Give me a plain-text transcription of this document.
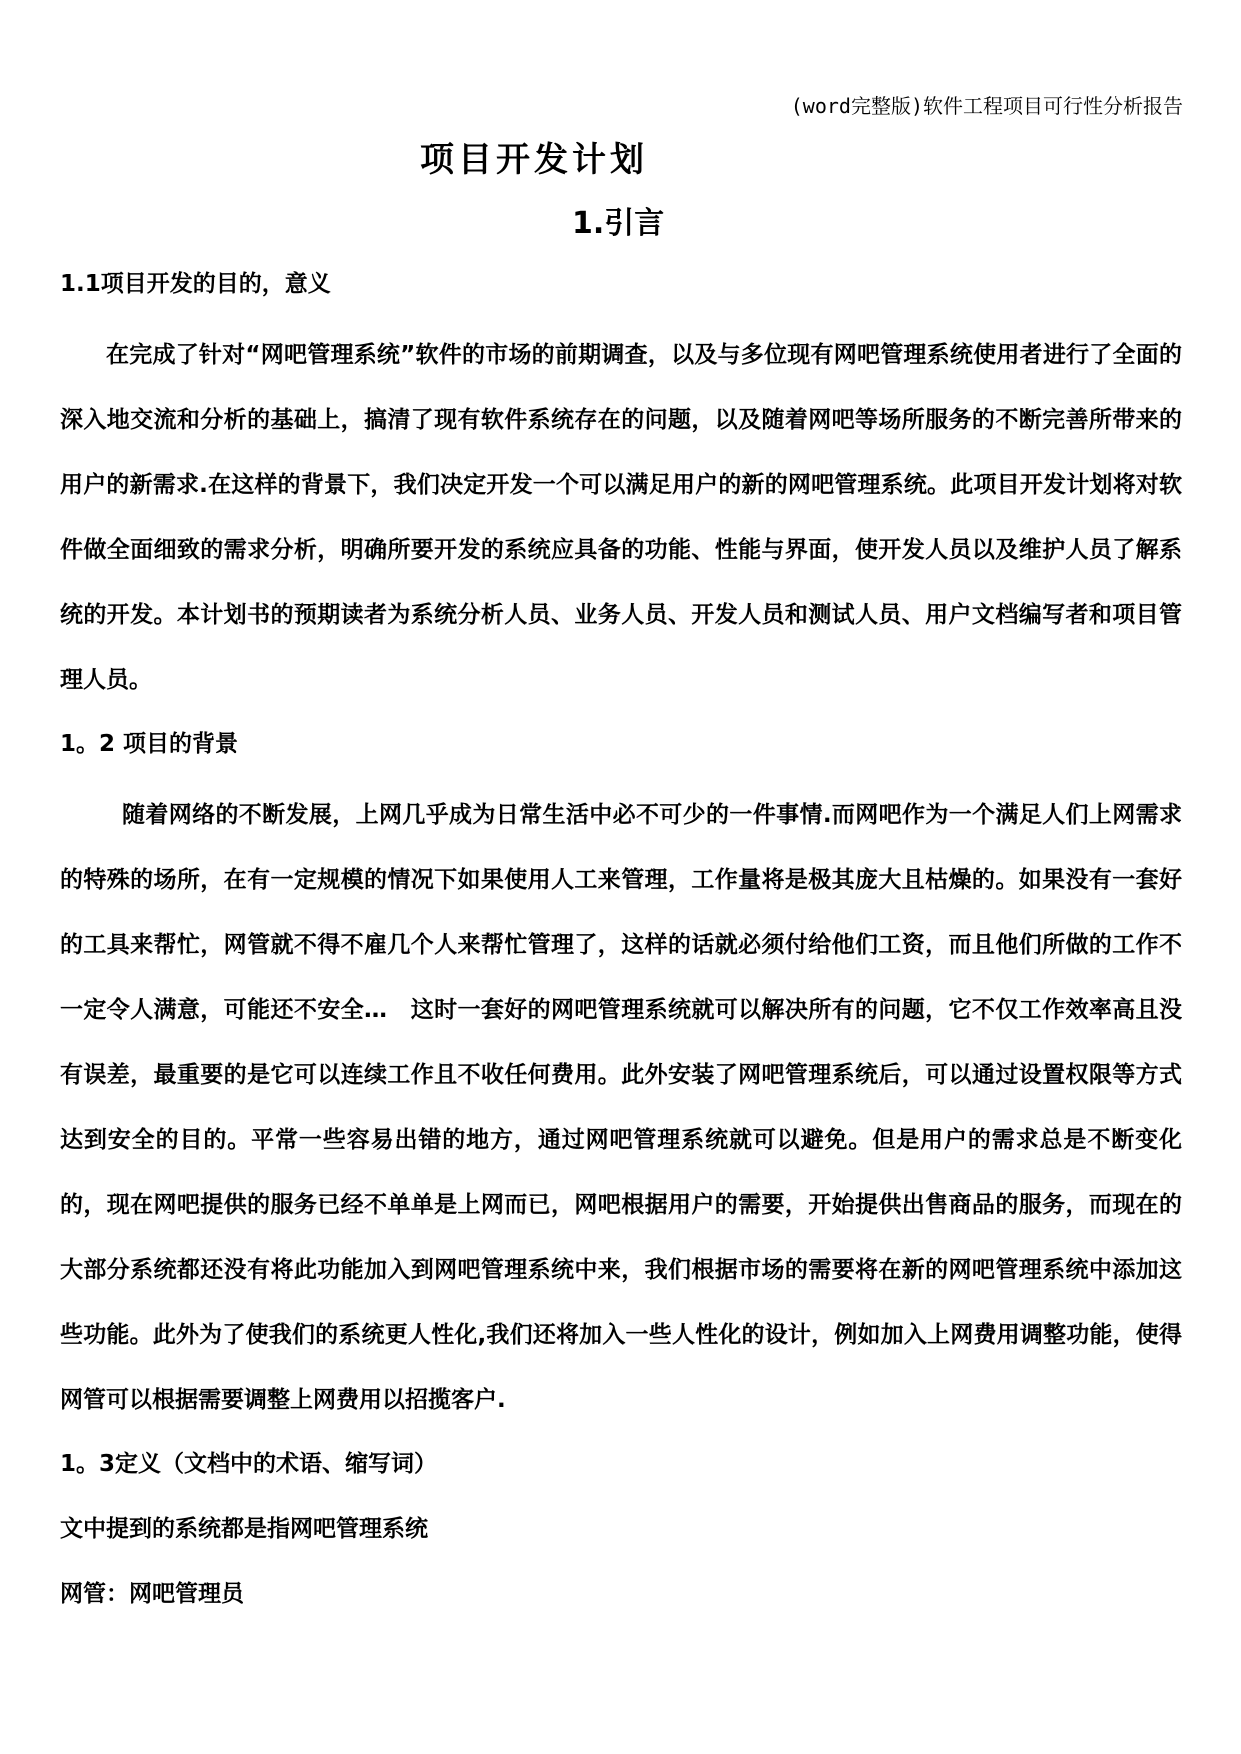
(word完整版)软件工程项目可行性分析报告
项目开发计划
1.引言
1.1项目开发的目的，意义

在完成了针对“网吧管理系统”软件的市场的前期调查，以及与多位现有网吧管理系统使用者进行了全面的深入地交流和分析的基础上，搞清了现有软件系统存在的问题，以及随着网吧等场所服务的不断完善所带来的用户的新需求.在这样的背景下，我们决定开发一个可以满足用户的新的网吧管理系统。此项目开发计划将对软件做全面细致的需求分析，明确所要开发的系统应具备的功能、性能与界面，使开发人员以及维护人员了解系统的开发。本计划书的预期读者为系统分析人员、业务人员、开发人员和测试人员、用户文档编写者和项目管理人员。

1。2 项目的背景

随着网络的不断发展，上网几乎成为日常生活中必不可少的一件事情.而网吧作为一个满足人们上网需求的特殊的场所，在有一定规模的情况下如果使用人工来管理，工作量将是极其庞大且枯燥的。如果没有一套好的工具来帮忙，网管就不得不雇几个人来帮忙管理了，这样的话就必须付给他们工资，而且他们所做的工作不一定令人满意，可能还不安全…　这时一套好的网吧管理系统就可以解决所有的问题，它不仅工作效率高且没有误差，最重要的是它可以连续工作且不收任何费用。此外安装了网吧管理系统后，可以通过设置权限等方式达到安全的目的。平常一些容易出错的地方，通过网吧管理系统就可以避免。但是用户的需求总是不断变化的，现在网吧提供的服务已经不单单是上网而已，网吧根据用户的需要，开始提供出售商品的服务，而现在的大部分系统都还没有将此功能加入到网吧管理系统中来，我们根据市场的需要将在新的网吧管理系统中添加这些功能。此外为了使我们的系统更人性化,我们还将加入一些人性化的设计，例如加入上网费用调整功能，使得网管可以根据需要调整上网费用以招揽客户.

1。3定义（文档中的术语、缩写词）
文中提到的系统都是指网吧管理系统
网管：网吧管理员
